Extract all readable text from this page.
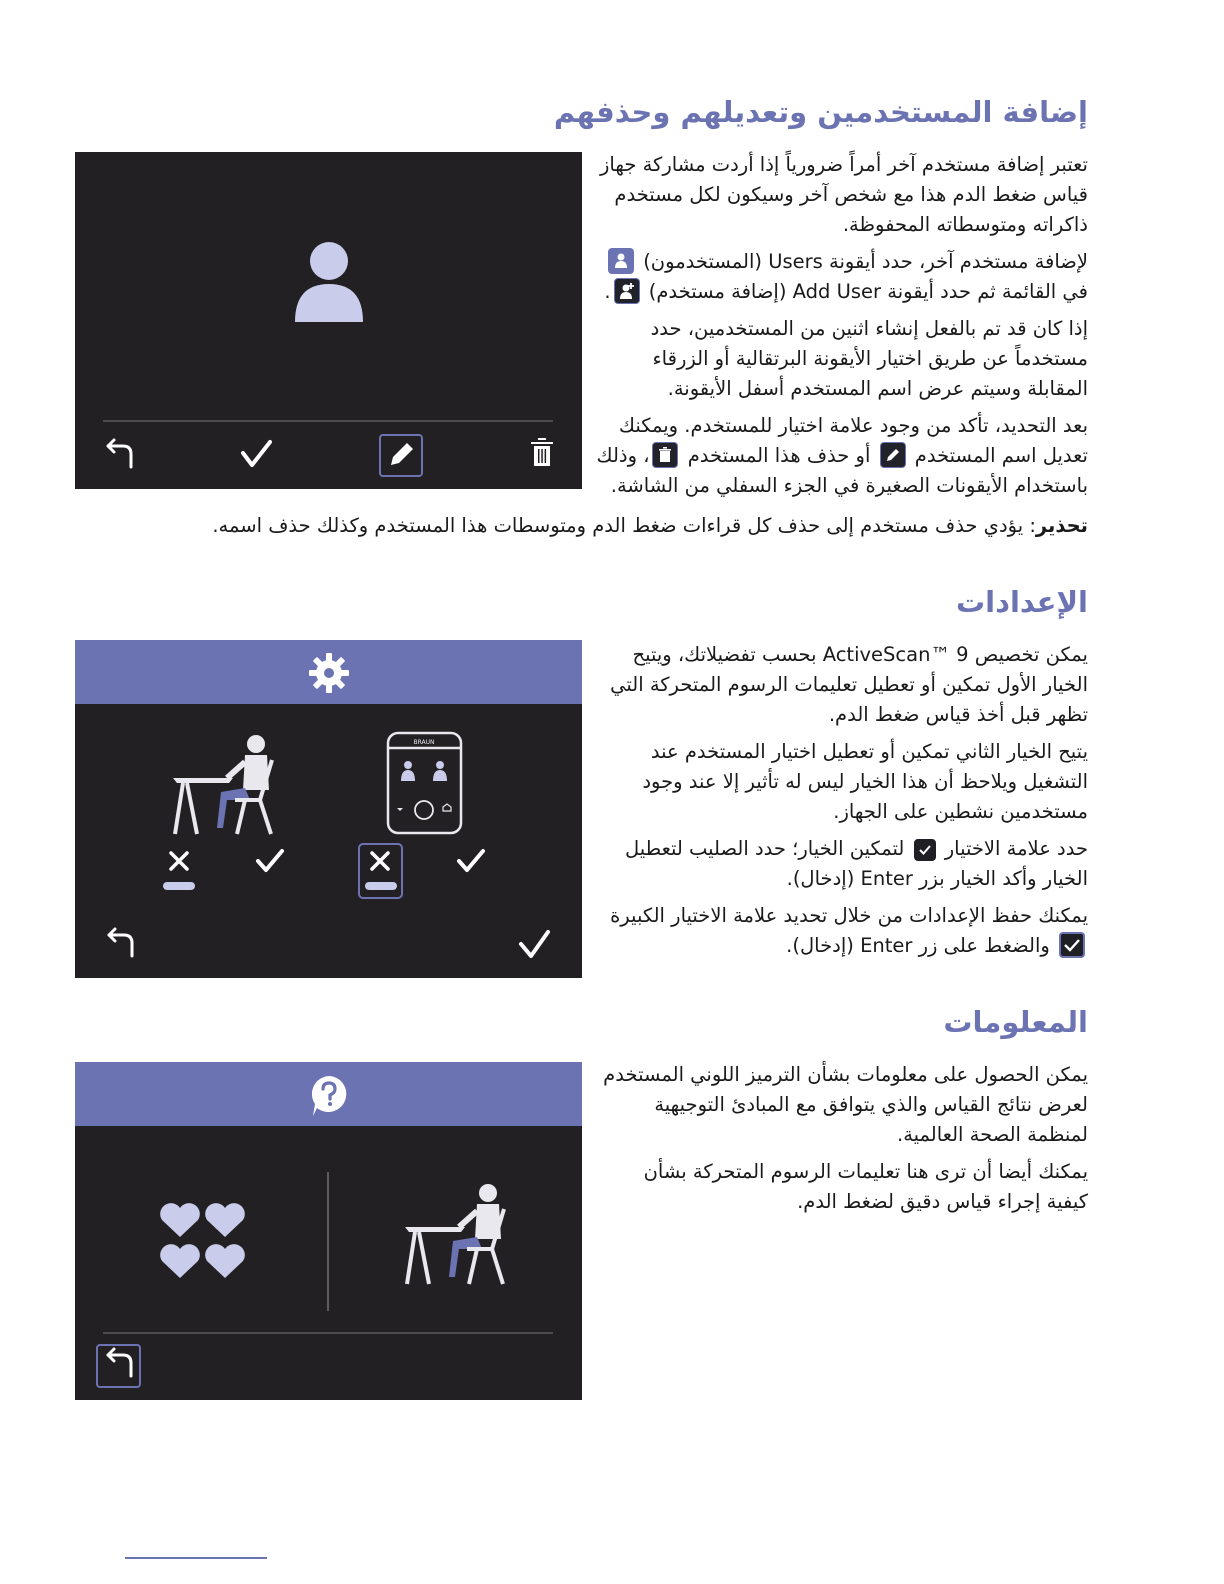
إضافة المستخدمين وتعديلهم وحذفهم

تعتبر إضافة مستخدم آخر أمراً ضرورياً إذا أردت مشاركة جهاز قياس ضغط الدم هذا مع شخص آخر وسيكون لكل مستخدم ذاكراته ومتوسطاته المحفوظة.

لإضافة مستخدم آخر، حدد أيقونة Users (المستخدمون)
في القائمة ثم حدد أيقونة Add User (إضافة مستخدم)
.

إذا كان قد تم بالفعل إنشاء اثنين من المستخدمين، حدد مستخدماً عن طريق اختيار الأيقونة البرتقالية أو الزرقاء المقابلة وسيتم عرض اسم المستخدم أسفل الأيقونة.

بعد التحديد، تأكد من وجود علامة اختيار للمستخدم. ويمكنك تعديل اسم المستخدم
أو حذف هذا المستخدم
، وذلك باستخدام الأيقونات الصغيرة في الجزء السفلي من الشاشة.

تحذير: يؤدي حذف مستخدم إلى حذف كل قراءات ضغط الدم ومتوسطات هذا المستخدم وكذلك حذف اسمه.
الإعدادات

يمكن تخصيص 9 ™ActiveScan بحسب تفضيلاتك، ويتيح الخيار الأول تمكين أو تعطيل تعليمات الرسوم المتحركة التي تظهر قبل أخذ قياس ضغط الدم.

يتيح الخيار الثاني تمكين أو تعطيل اختيار المستخدم عند التشغيل ويلاحظ أن هذا الخيار ليس له تأثير إلا عند وجود مستخدمين نشطين على الجهاز.

حدد علامة الاختيار
لتمكين الخيار؛ حدد الصليب لتعطيل الخيار وأكد الخيار بزر Enter (إدخال).

يمكنك حفظ الإعدادات من خلال تحديد علامة الاختيار الكبيرة
والضغط على زر Enter (إدخال).

BRAUN
المعلومات

يمكن الحصول على معلومات بشأن الترميز اللوني المستخدم لعرض نتائج القياس والذي يتوافق مع المبادئ التوجيهية لمنظمة الصحة العالمية.

يمكنك أيضا أن ترى هنا تعليمات الرسوم المتحركة بشأن كيفية إجراء قياس دقيق لضغط الدم.
